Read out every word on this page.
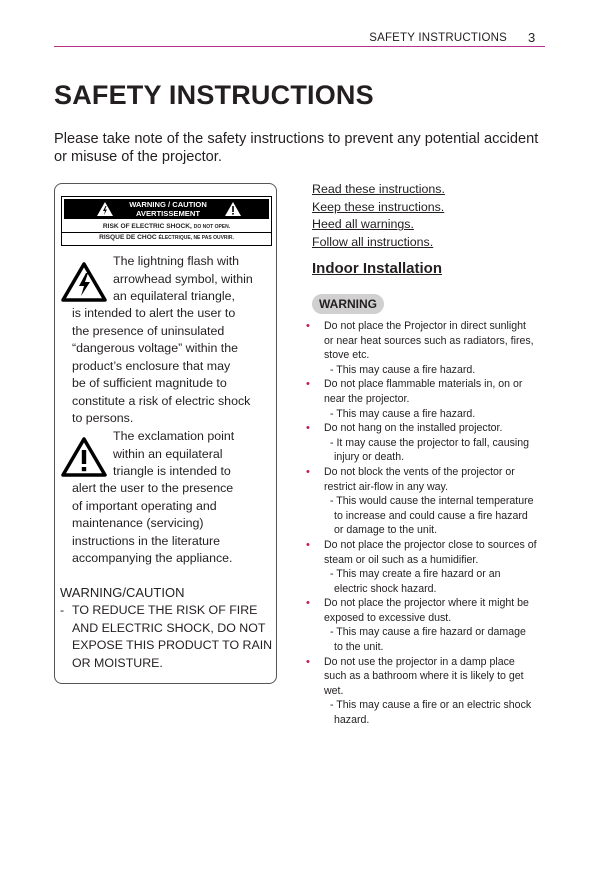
SAFETY INSTRUCTIONS 3
SAFETY INSTRUCTIONS

Please take note of the safety instructions to prevent any potential accident or misuse of the projector.

WARNING / CAUTION
AVERTISSEMENT
RISK OF ELECTRIC SHOCK, DO NOT OPEN.
RISQUE DE CHOC ÉLECTRIQUE, NE PAS OUVRIR.

The lightning flash with
arrowhead symbol, within
an equilateral triangle,

is intended to alert the user to
the presence of uninsulated
“dangerous voltage” within the
product’s enclosure that may
be of sufficient magnitude to
constitute a risk of electric shock
to persons.

The exclamation point
within an equilateral
triangle is intended to

alert the user to the presence
of important operating and
maintenance (servicing)
instructions in the literature
accompanying the appliance.

WARNING/CAUTION

- TO REDUCE THE RISK OF FIRE AND ELECTRIC SHOCK, DO NOT EXPOSE THIS PRODUCT TO RAIN OR MOISTURE.

Read these instructions.
Keep these instructions.
Heed all warnings.
Follow all instructions.
Indoor Installation
WARNING
• Do not place the Projector in direct sunlight or near heat sources such as radiators, fires, stove etc.
- This may cause a fire hazard.
• Do not place flammable materials in, on or near the projector.
- This may cause a fire hazard.
• Do not hang on the installed projector.
- It may cause the projector to fall, causing injury or death.
• Do not block the vents of the projector or restrict air-flow in any way.
- This would cause the internal temperature to increase and could cause a fire hazard or damage to the unit.
• Do not place the projector close to sources of steam or oil such as a humidifier.
- This may create a fire hazard or an electric shock hazard.
• Do not place the projector where it might be exposed to excessive dust.
- This may cause a fire hazard or damage to the unit.
• Do not use the projector in a damp place such as a bathroom where it is likely to get wet.
- This may cause a fire or an electric shock hazard.
